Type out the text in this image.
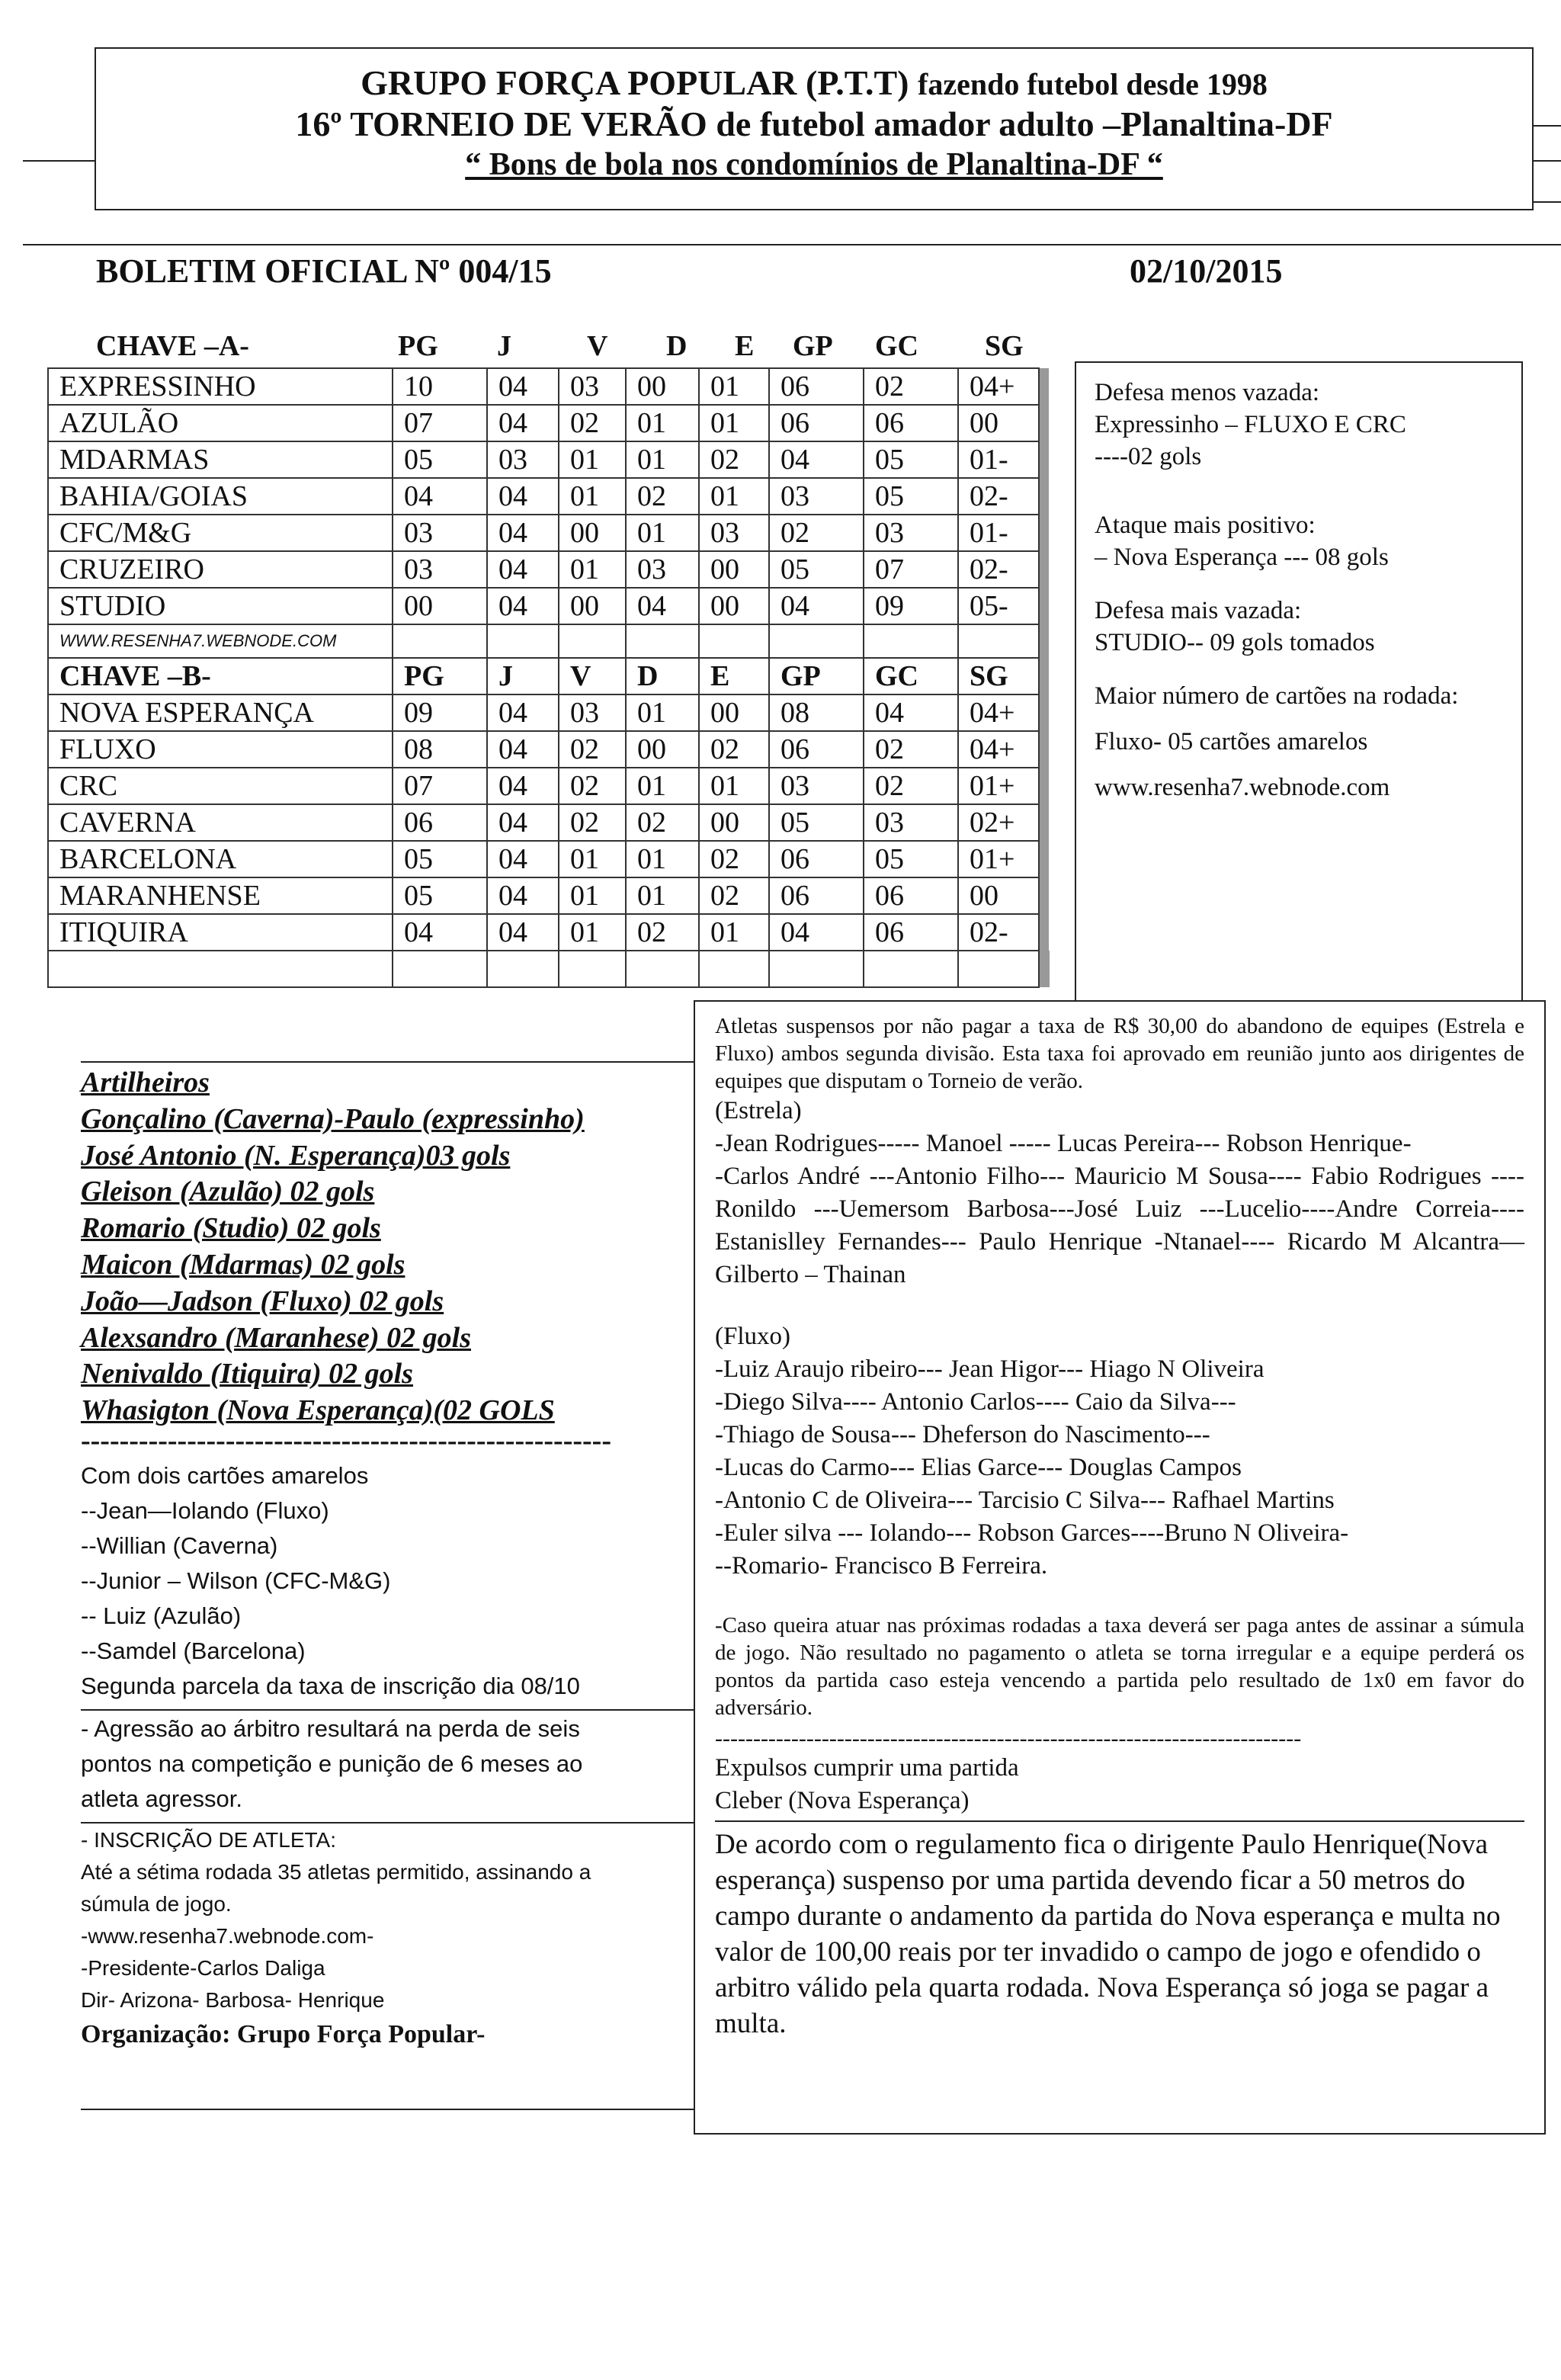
GRUPO FORÇA POPULAR (P.T.T) fazendo futebol desde 1998
16º TORNEIO DE VERÃO de futebol amador adulto –Planaltina-DF
“ Bons de bola nos condomínios de Planaltina-DF “
BOLETIM OFICIAL Nº 004/15	02/10/2015
CHAVE –A-	PG J	V D E GP GC SG
EXPRESSINHO	10	04	03	00	01	06	02	04+	
AZULÃO	07	04	02	01	01	06	06	00	
MDARMAS	05	03	01	01	02	04	05	01-	
BAHIA/GOIAS	04	04	01	02	01	03	05	02-	
CFC/M&G	03	04	00	01	03	02	03	01-	
CRUZEIRO	03	04	01	03	00	05	07	02-	
STUDIO	00	04	00	04	00	04	09	05-	
WWW.RESENHA7.WEBNODE.COM									
CHAVE –B-	PG	J	V	D	E	GP	GC	SG	
NOVA ESPERANÇA	09	04	03	01	00	08	04	04+	
FLUXO	08	04	02	00	02	06	02	04+	
CRC	07	04	02	01	01	03	02	01+	
CAVERNA	06	04	02	02	00	05	03	02+	
BARCELONA	05	04	01	01	02	06	05	01+	
MARANHENSE	05	04	01	01	02	06	06	00	
ITIQUIRA	04	04	01	02	01	04	06	02-	

Defesa menos vazada:

Expressinho – FLUXO E CRC

----02 gols

Ataque mais positivo:

– Nova Esperança --- 08 gols

Defesa mais vazada:

STUDIO-- 09 gols tomados

Maior número de cartões na rodada:

Fluxo- 05 cartões amarelos

www.resenha7.webnode.com

Artilheiros
Gonçalino (Caverna)-Paulo (expressinho)
José Antonio (N. Esperança)03 gols
Gleison (Azulão) 02 gols
Romario (Studio) 02 gols
Maicon (Mdarmas) 02 gols
João—Jadson (Fluxo) 02 gols
Alexsandro (Maranhese) 02 gols
Nenivaldo (Itiquira) 02 gols
Whasigton (Nova Esperança)(02 GOLS
-------------------------------------------------------
Com dois cartões amarelos
--Jean—Iolando (Fluxo)
--Willian (Caverna)
--Junior – Wilson (CFC-M&G)
-- Luiz (Azulão)
--Samdel (Barcelona)
Segunda parcela da taxa de inscrição dia 08/10
- Agressão ao árbitro resultará na perda de seis
pontos na competição e punição de 6 meses ao
atleta agressor.
- INSCRIÇÃO DE ATLETA:
Até a sétima rodada 35 atletas permitido, assinando a
súmula de jogo.
-www.resenha7.webnode.com-
-Presidente-Carlos Daliga
Dir- Arizona- Barbosa- Henrique
Organização: Grupo Força Popular-

Atletas suspensos por não pagar a taxa de R$ 30,00 do abandono de equipes (Estrela e Fluxo) ambos segunda divisão. Esta taxa foi aprovado em reunião junto aos dirigentes de equipes que disputam o Torneio de verão.

(Estrela)

-Jean Rodrigues----- Manoel ----- Lucas Pereira--- Robson Henrique-

-Carlos André ---Antonio Filho--- Mauricio M Sousa---- Fabio Rodrigues ----Ronildo ---Uemersom Barbosa---José Luiz ---Lucelio----Andre Correia----Estanislley Fernandes--- Paulo Henrique -Ntanael---- Ricardo M Alcantra—Gilberto – Thainan

(Fluxo)

-Luiz Araujo ribeiro--- Jean Higor--- Hiago N Oliveira

-Diego Silva---- Antonio Carlos---- Caio da Silva---

-Thiago de Sousa--- Dheferson do Nascimento---

-Lucas do Carmo--- Elias Garce--- Douglas Campos

-Antonio C de Oliveira--- Tarcisio C Silva--- Rafhael Martins

-Euler silva --- Iolando--- Robson Garces----Bruno N Oliveira-

--Romario- Francisco B Ferreira.

-Caso queira atuar nas próximas rodadas a taxa deverá ser paga antes de assinar a súmula de jogo. Não resultado no pagamento o atleta se torna irregular e a equipe perderá os pontos da partida caso esteja vencendo a partida pelo resultado de 1x0 em favor do adversário.

-----------------------------------------------------------------------------

Expulsos cumprir uma partida

Cleber (Nova Esperança)

De acordo com o regulamento fica o dirigente Paulo Henrique(Nova esperança) suspenso por uma partida devendo ficar a 50 metros do campo durante o andamento da partida do Nova esperança e multa no valor de 100,00 reais por ter invadido o campo de jogo e ofendido o arbitro válido pela quarta rodada. Nova Esperança só joga se pagar a multa.
